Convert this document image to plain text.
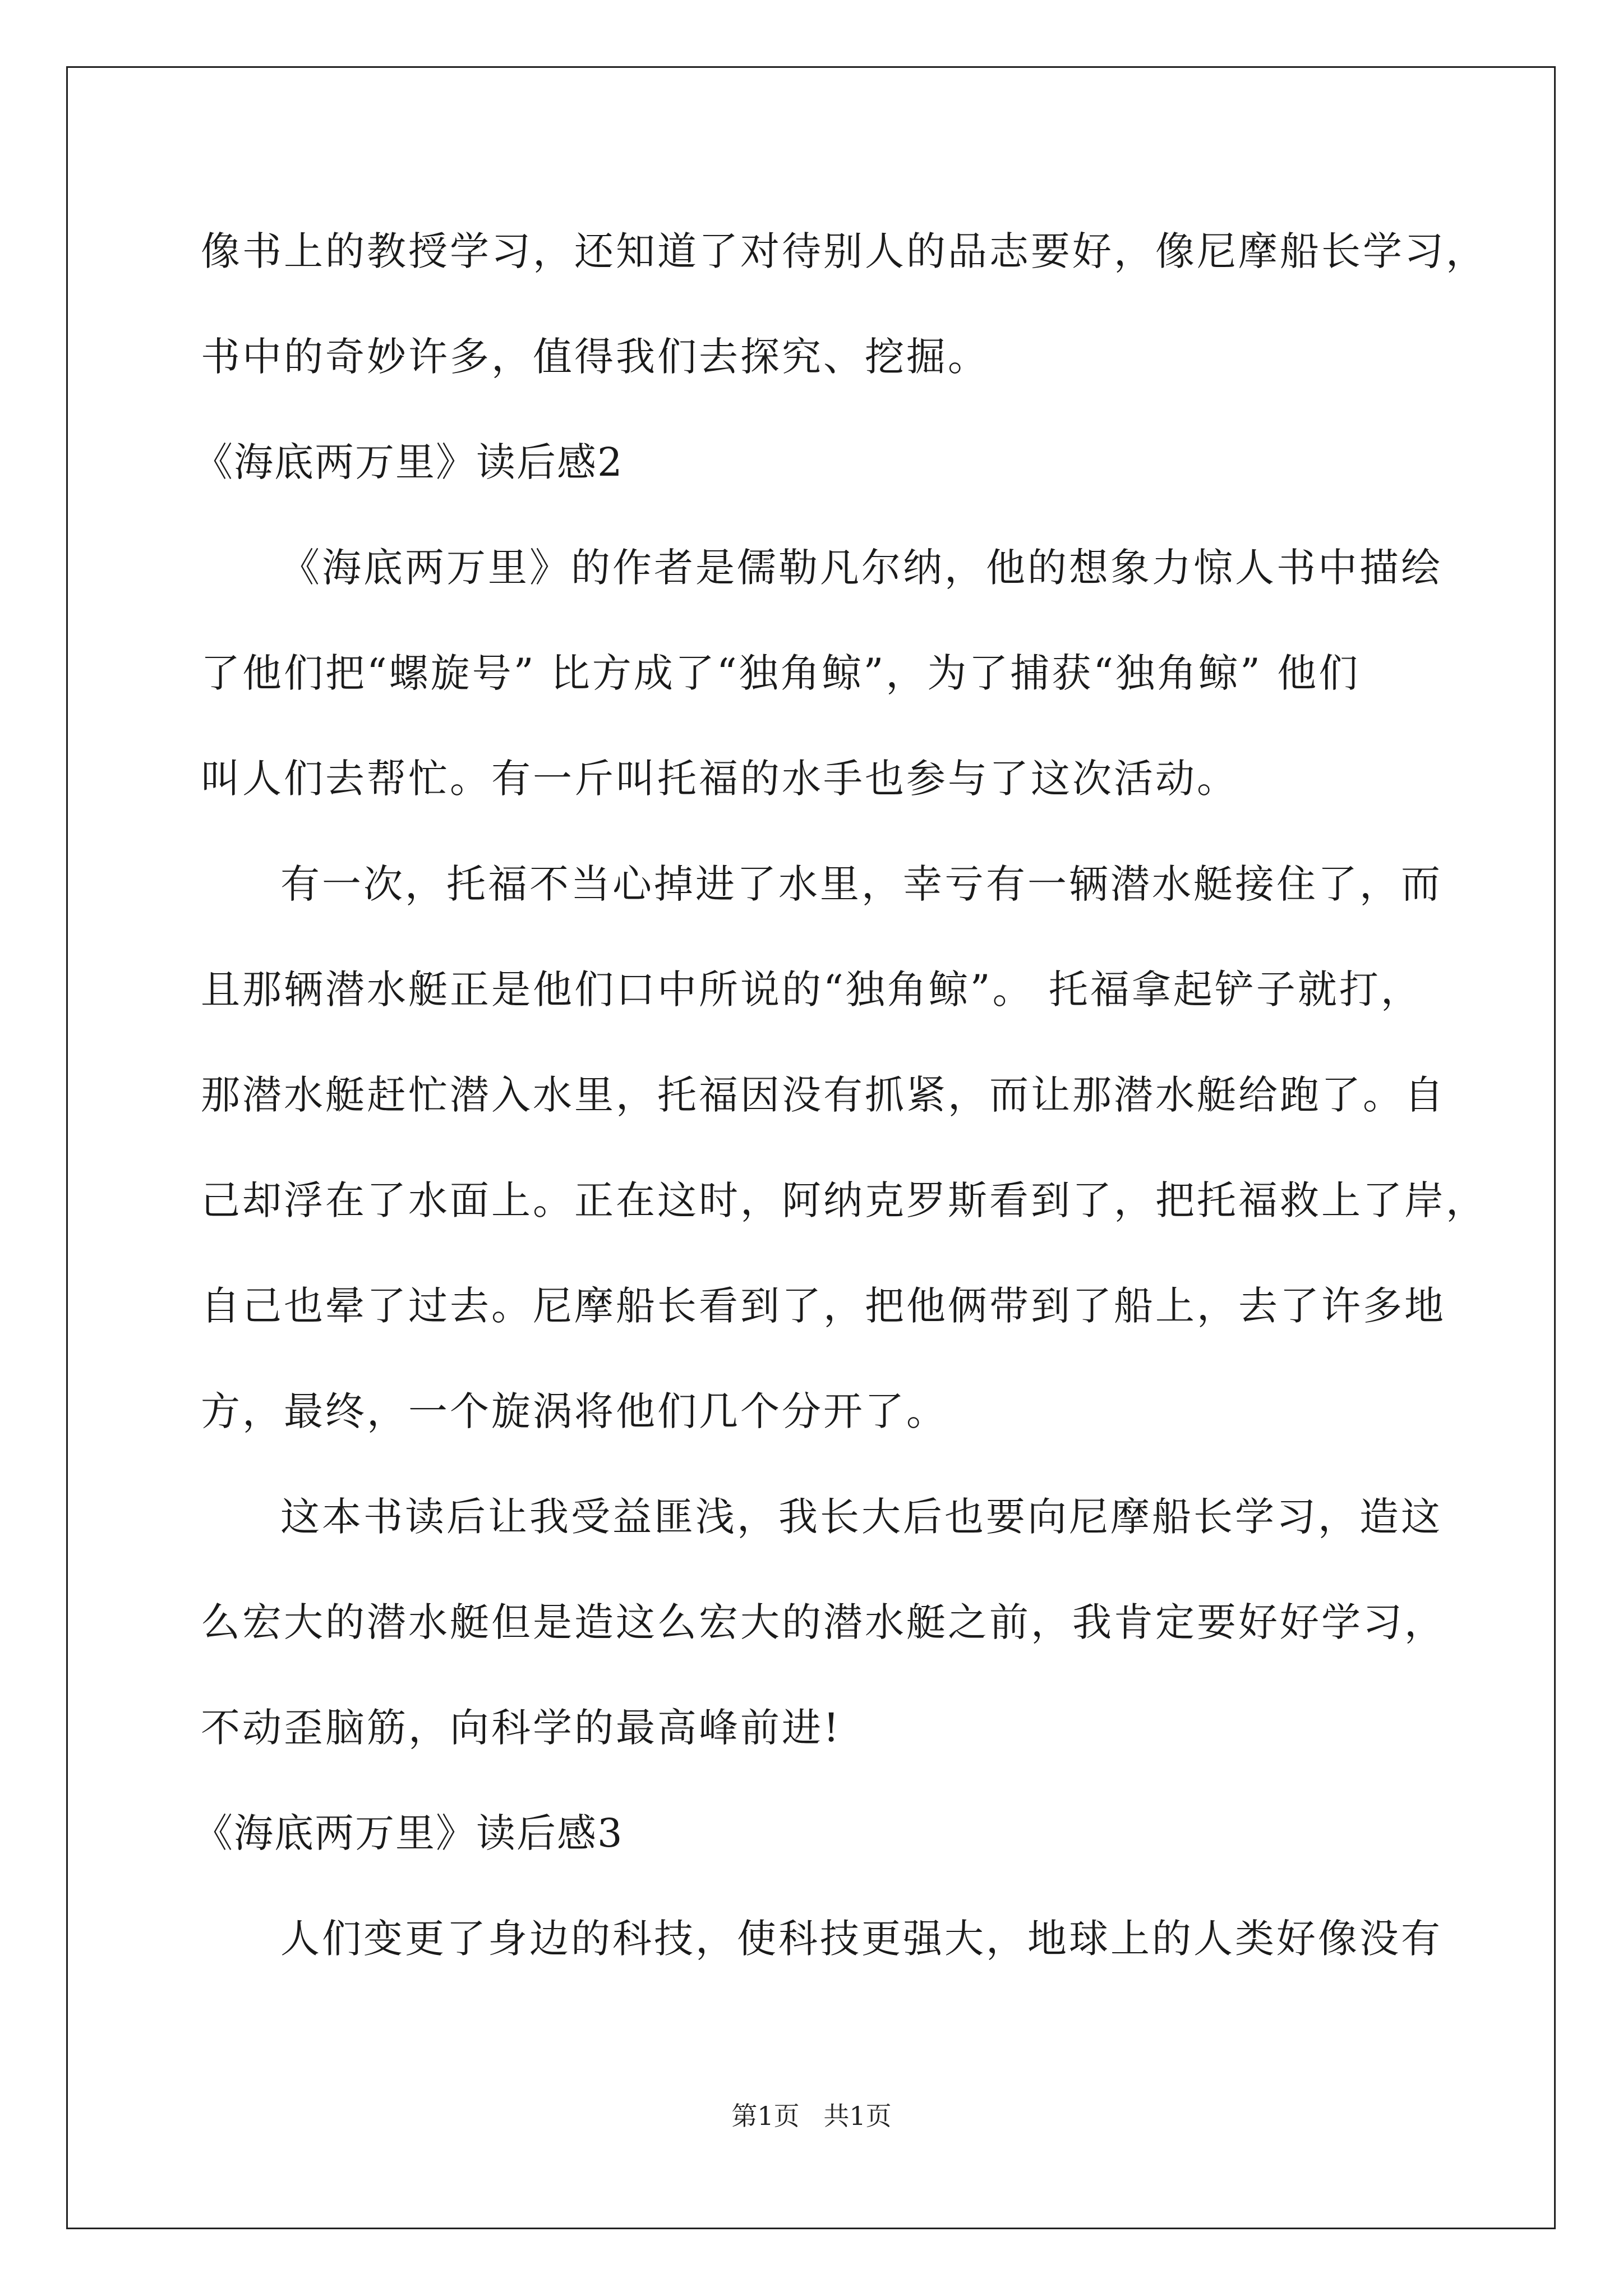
像书上的教授学习，还知道了对待别人的品志要好，像尼摩船长学习，
书中的奇妙许多，值得我们去探究、挖掘。
《海底两万里》读后感2
《海底两万里》的作者是儒勒凡尔纳，他的想象力惊人书中描绘
了他们把“螺旋号” 比方成了“独角鲸”，为了捕获“独角鲸” 他们
叫人们去帮忙。有一斤叫托福的水手也参与了这次活动。
有一次，托福不当心掉进了水里，幸亏有一辆潜水艇接住了，而
且那辆潜水艇正是他们口中所说的“独角鲸”。 托福拿起铲子就打，
那潜水艇赶忙潜入水里，托福因没有抓紧，而让那潜水艇给跑了。自
己却浮在了水面上。正在这时，阿纳克罗斯看到了，把托福救上了岸，
自己也晕了过去。尼摩船长看到了，把他俩带到了船上，去了许多地
方，最终，一个旋涡将他们几个分开了。
这本书读后让我受益匪浅，我长大后也要向尼摩船长学习，造这
么宏大的潜水艇但是造这么宏大的潜水艇之前，我肯定要好好学习，
不动歪脑筋，向科学的最高峰前进!
《海底两万里》读后感3
人们变更了身边的科技，使科技更强大，地球上的人类好像没有
第1页 共1页
